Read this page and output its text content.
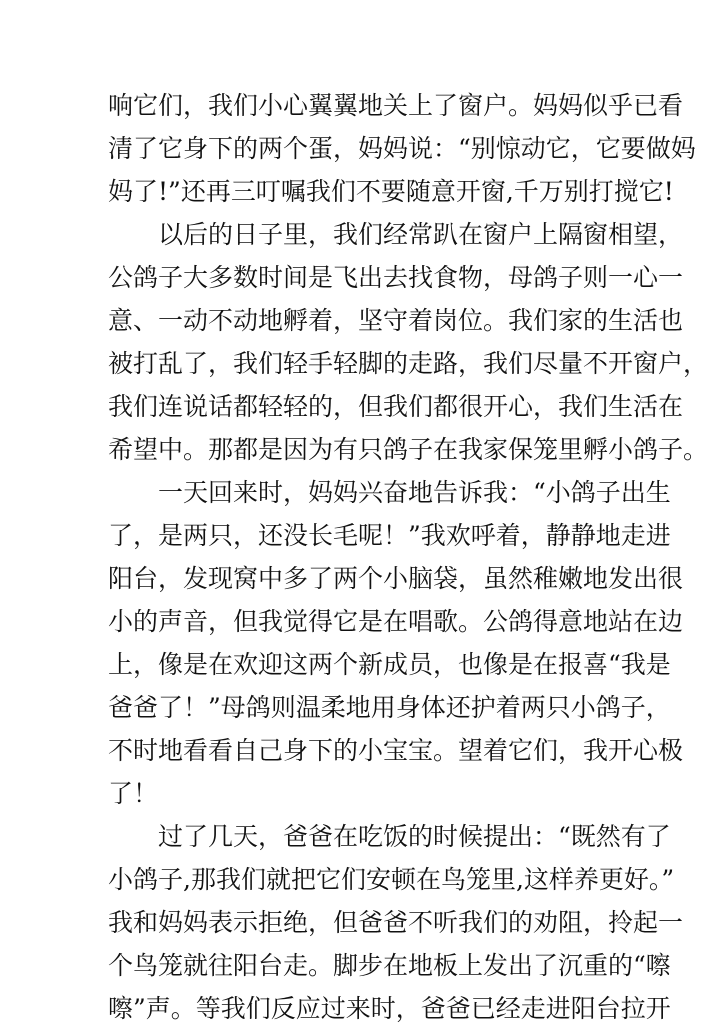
响它们，我们小心翼翼地关上了窗户。妈妈似乎已看
清了它身下的两个蛋，妈妈说：“别惊动它，它要做妈
妈了!”还再三叮嘱我们不要随意开窗,千万别打搅它!
以后的日子里，我们经常趴在窗户上隔窗相望，
公鸽子大多数时间是飞出去找食物，母鸽子则一心一
意、一动不动地孵着，坚守着岗位。我们家的生活也
被打乱了，我们轻手轻脚的走路，我们尽量不开窗户，
我们连说话都轻轻的，但我们都很开心，我们生活在
希望中。那都是因为有只鸽子在我家保笼里孵小鸽子。
一天回来时，妈妈兴奋地告诉我：“小鸽子出生
了，是两只，还没长毛呢！”我欢呼着，静静地走进
阳台，发现窝中多了两个小脑袋，虽然稚嫩地发出很
小的声音，但我觉得它是在唱歌。公鸽得意地站在边
上，像是在欢迎这两个新成员，也像是在报喜“我是
爸爸了！”母鸽则温柔地用身体还护着两只小鸽子，
不时地看看自己身下的小宝宝。望着它们，我开心极
了！
过了几天，爸爸在吃饭的时候提出：“既然有了
小鸽子,那我们就把它们安顿在鸟笼里,这样养更好。”
我和妈妈表示拒绝，但爸爸不听我们的劝阻，拎起一
个鸟笼就往阳台走。脚步在地板上发出了沉重的“嚓
嚓”声。等我们反应过来时，爸爸已经走进阳台拉开
